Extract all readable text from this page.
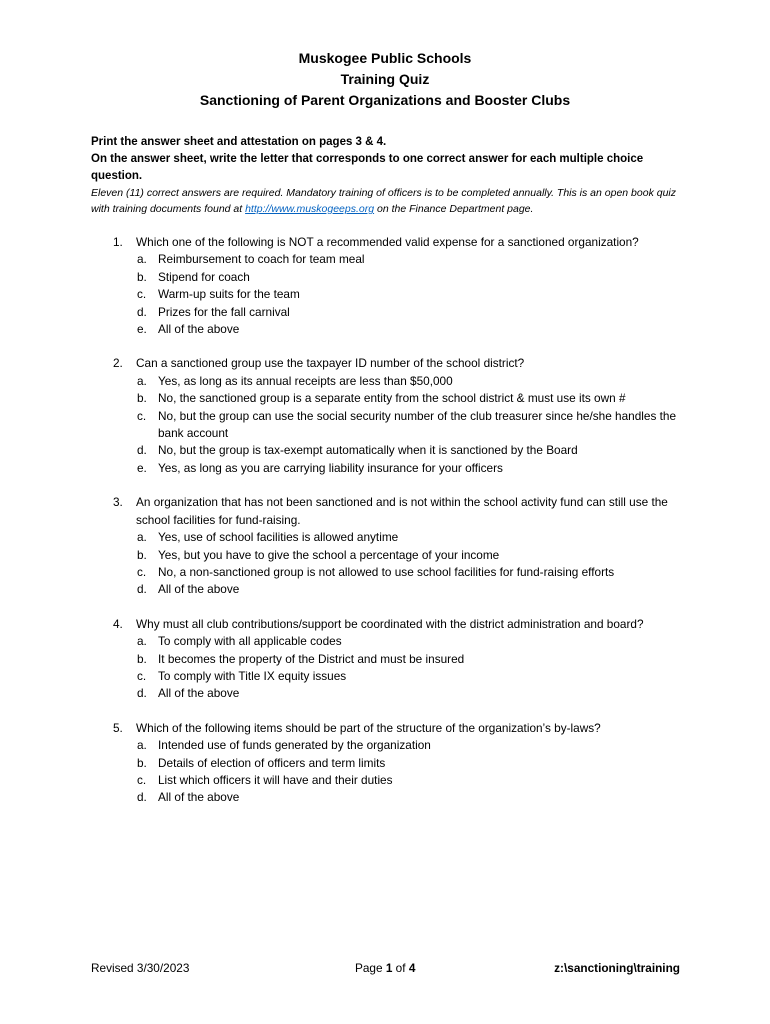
Muskogee Public Schools
Training Quiz
Sanctioning of Parent Organizations and Booster Clubs
Print the answer sheet and attestation on pages 3 & 4.
On the answer sheet, write the letter that corresponds to one correct answer for each multiple choice question.
Eleven (11) correct answers are required. Mandatory training of officers is to be completed annually. This is an open book quiz with training documents found at http://www.muskogeeps.org on the Finance Department page.
1. Which one of the following is NOT a recommended valid expense for a sanctioned organization?
a. Reimbursement to coach for team meal
b. Stipend for coach
c. Warm-up suits for the team
d. Prizes for the fall carnival
e. All of the above
2. Can a sanctioned group use the taxpayer ID number of the school district?
a. Yes, as long as its annual receipts are less than $50,000
b. No, the sanctioned group is a separate entity from the school district & must use its own #
c. No, but the group can use the social security number of the club treasurer since he/she handles the bank account
d. No, but the group is tax-exempt automatically when it is sanctioned by the Board
e. Yes, as long as you are carrying liability insurance for your officers
3. An organization that has not been sanctioned and is not within the school activity fund can still use the school facilities for fund-raising.
a. Yes, use of school facilities is allowed anytime
b. Yes, but you have to give the school a percentage of your income
c. No, a non-sanctioned group is not allowed to use school facilities for fund-raising efforts
d. All of the above
4. Why must all club contributions/support be coordinated with the district administration and board?
a. To comply with all applicable codes
b. It becomes the property of the District and must be insured
c. To comply with Title IX equity issues
d. All of the above
5. Which of the following items should be part of the structure of the organization’s by-laws?
a. Intended use of funds generated by the organization
b. Details of election of officers and term limits
c. List which officers it will have and their duties
d. All of the above
Revised 3/30/2023	Page 1 of 4	z:\sanctioning\training
